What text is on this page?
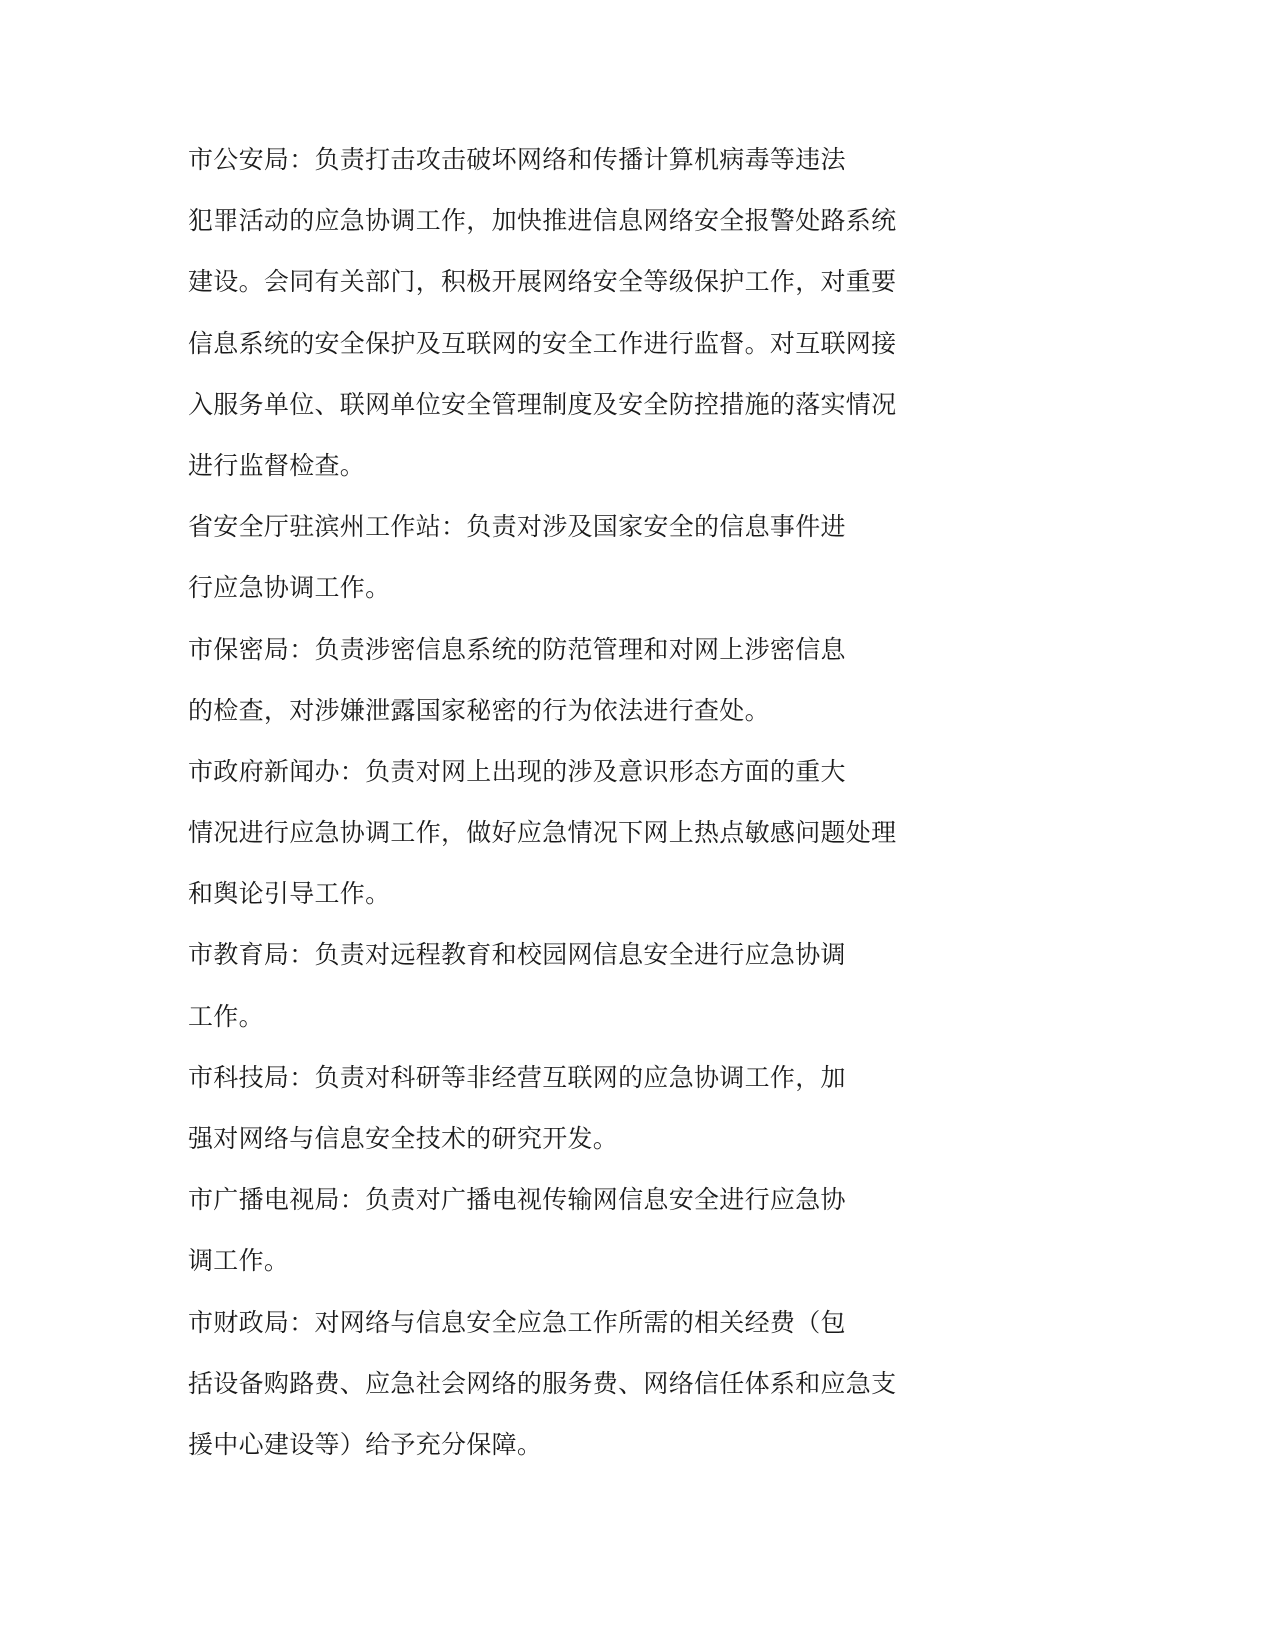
市公安局：负责打击攻击破坏网络和传播计算机病毒等违法
犯罪活动的应急协调工作，加快推进信息网络安全报警处路系统
建设。会同有关部门，积极开展网络安全等级保护工作，对重要
信息系统的安全保护及互联网的安全工作进行监督。对互联网接
入服务单位、联网单位安全管理制度及安全防控措施的落实情况
进行监督检查。
省安全厅驻滨州工作站：负责对涉及国家安全的信息事件进
行应急协调工作。
市保密局：负责涉密信息系统的防范管理和对网上涉密信息
的检查，对涉嫌泄露国家秘密的行为依法进行查处。
市政府新闻办：负责对网上出现的涉及意识形态方面的重大
情况进行应急协调工作，做好应急情况下网上热点敏感问题处理
和舆论引导工作。
市教育局：负责对远程教育和校园网信息安全进行应急协调
工作。
市科技局：负责对科研等非经营互联网的应急协调工作，加
强对网络与信息安全技术的研究开发。
市广播电视局：负责对广播电视传输网信息安全进行应急协
调工作。
市财政局：对网络与信息安全应急工作所需的相关经费（包
括设备购路费、应急社会网络的服务费、网络信任体系和应急支
援中心建设等）给予充分保障。
